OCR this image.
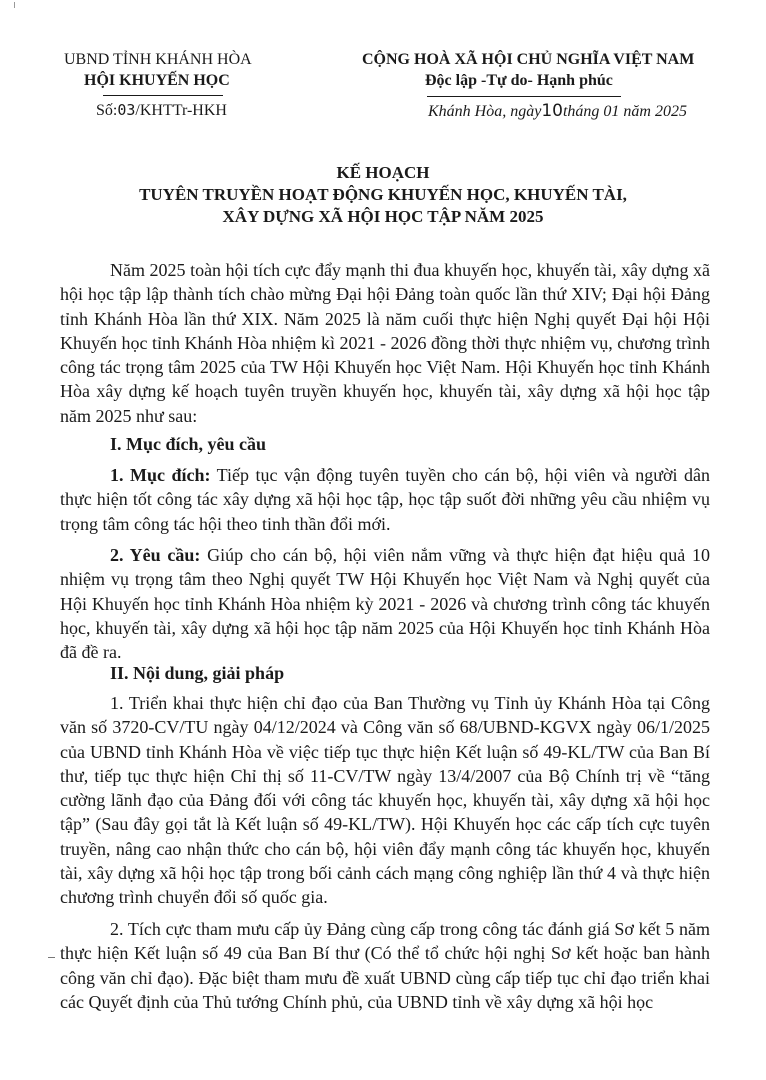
UBND TỈNH KHÁNH HÒA
HỘI KHUYẾN HỌC
Số:03/KHTTr-HKH
CỘNG HOÀ XÃ HỘI CHỦ NGHĨA VIỆT NAM
Độc lập -Tự do- Hạnh phúc
Khánh Hòa, ngày10tháng 01 năm 2025
KẾ HOẠCH
TUYÊN TRUYỀN HOẠT ĐỘNG KHUYẾN HỌC, KHUYẾN TÀI,
XÂY DỰNG XÃ HỘI HỌC TẬP NĂM 2025
Năm 2025 toàn hội tích cực đẩy mạnh thi đua khuyến học, khuyến tài, xây dựng xã hội học tập lập thành tích chào mừng Đại hội Đảng toàn quốc lần thứ XIV; Đại hội Đảng tỉnh Khánh Hòa lần thứ XIX. Năm 2025 là năm cuối thực hiện Nghị quyết Đại hội Hội Khuyến học tỉnh Khánh Hòa nhiệm kì 2021 - 2026 đồng thời thực nhiệm vụ, chương trình công tác trọng tâm 2025 của TW Hội Khuyến học Việt Nam. Hội Khuyến học tỉnh Khánh Hòa xây dựng kế hoạch tuyên truyền khuyến học, khuyến tài, xây dựng xã hội học tập năm 2025 như sau:
I. Mục đích, yêu cầu
1. Mục đích: Tiếp tục vận động tuyên tuyền cho cán bộ, hội viên và người dân thực hiện tốt công tác xây dựng xã hội học tập, học tập suốt đời những yêu cầu nhiệm vụ trọng tâm công tác hội theo tinh thần đổi mới.
2. Yêu cầu: Giúp cho cán bộ, hội viên nắm vững và thực hiện đạt hiệu quả 10 nhiệm vụ trọng tâm theo Nghị quyết TW Hội Khuyến học Việt Nam và Nghị quyết của Hội Khuyến học tỉnh Khánh Hòa nhiệm kỳ 2021 - 2026 và chương trình công tác khuyến học, khuyến tài, xây dựng xã hội học tập năm 2025 của Hội Khuyến học tỉnh Khánh Hòa đã đề ra.
II. Nội dung, giải pháp
1. Triển khai thực hiện chỉ đạo của Ban Thường vụ Tỉnh ủy Khánh Hòa tại Công văn số 3720-CV/TU ngày 04/12/2024 và Công văn số 68/UBND-KGVX ngày 06/1/2025 của UBND tỉnh Khánh Hòa về việc tiếp tục thực hiện Kết luận số 49-KL/TW của Ban Bí thư, tiếp tục thực hiện Chỉ thị số 11-CV/TW ngày 13/4/2007 của Bộ Chính trị về “tăng cường lãnh đạo của Đảng đối với công tác khuyến học, khuyến tài, xây dựng xã hội học tập” (Sau đây gọi tắt là Kết luận số 49-KL/TW). Hội Khuyến học các cấp tích cực tuyên truyền, nâng cao nhận thức cho cán bộ, hội viên đẩy mạnh công tác khuyến học, khuyến tài, xây dựng xã hội học tập trong bối cảnh cách mạng công nghiệp lần thứ 4 và thực hiện chương trình chuyển đổi số quốc gia.
2. Tích cực tham mưu cấp ủy Đảng cùng cấp trong công tác đánh giá Sơ kết 5 năm thực hiện Kết luận số 49 của Ban Bí thư (Có thể tổ chức hội nghị Sơ kết hoặc ban hành công văn chỉ đạo). Đặc biệt tham mưu đề xuất UBND cùng cấp tiếp tục chỉ đạo triển khai các Quyết định của Thủ tướng Chính phủ, của UBND tỉnh về xây dựng xã hội học
